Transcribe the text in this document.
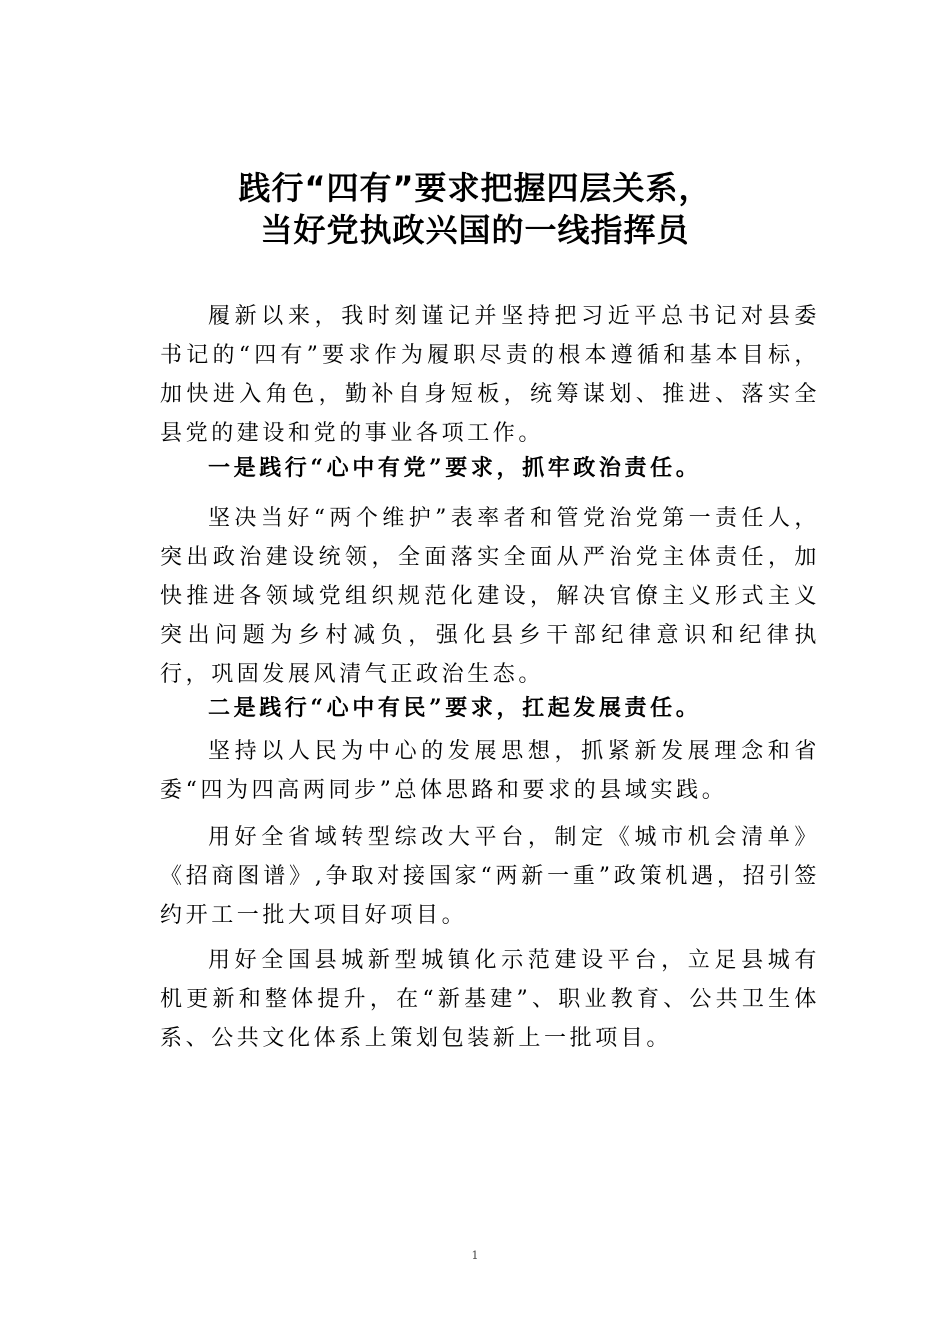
践行“四有”要求把握四层关系，
当好党执政兴国的一线指挥员

履新以来，我时刻谨记并坚持把习近平总书记对县委书记的“四有”要求作为履职尽责的根本遵循和基本目标，加快进入角色，勤补自身短板，统筹谋划、推进、落实全县党的建设和党的事业各项工作。

一是践行“心中有党”要求，抓牢政治责任。

坚决当好“两个维护”表率者和管党治党第一责任人，突出政治建设统领，全面落实全面从严治党主体责任，加快推进各领域党组织规范化建设，解决官僚主义形式主义突出问题为乡村减负，强化县乡干部纪律意识和纪律执行，巩固发展风清气正政治生态。

二是践行“心中有民”要求，扛起发展责任。

坚持以人民为中心的发展思想，抓紧新发展理念和省委“四为四高两同步”总体思路和要求的县域实践。

用好全省域转型综改大平台，制定《城市机会清单》《招商图谱》,争取对接国家“两新一重”政策机遇，招引签约开工一批大项目好项目。

用好全国县城新型城镇化示范建设平台，立足县城有机更新和整体提升，在“新基建”、职业教育、公共卫生体系、公共文化体系上策划包装新上一批项目。

1
